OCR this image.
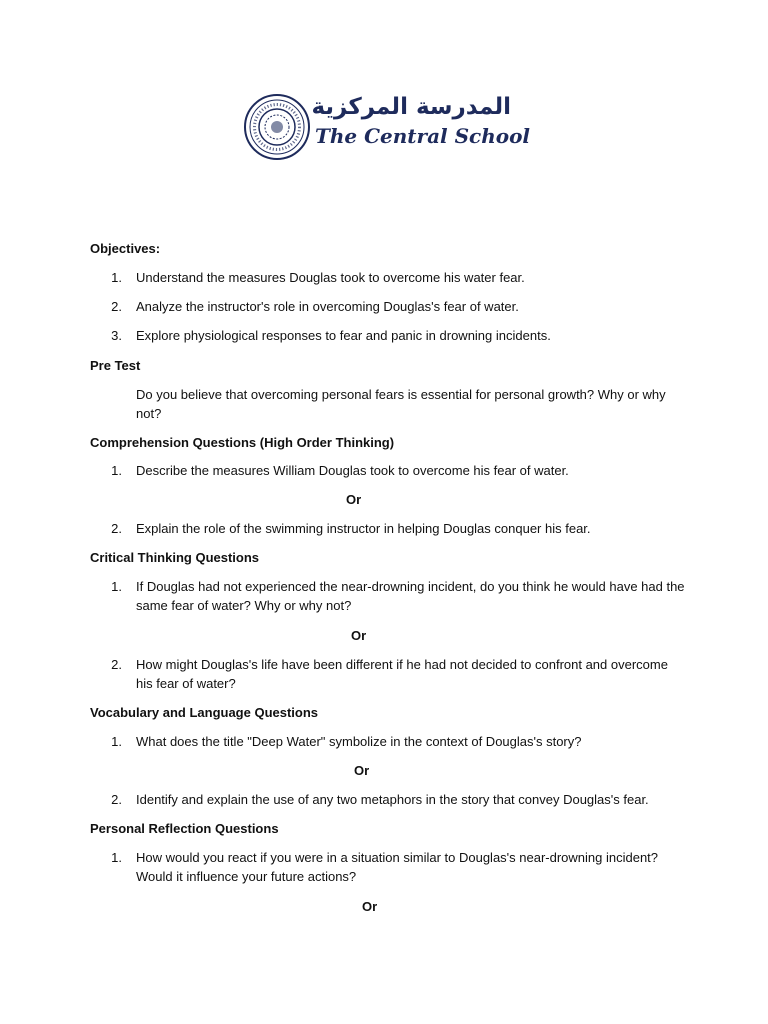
المدرسة المركزية
The Central School
Objectives:
1. Understand the measures Douglas took to overcome his water fear.
2. Analyze the instructor's role in overcoming Douglas's fear of water.
3. Explore physiological responses to fear and panic in drowning incidents.
Pre Test
Do you believe that overcoming personal fears is essential for personal growth? Why or why
not?
Comprehension Questions (High Order Thinking)
1. Describe the measures William Douglas took to overcome his fear of water.
Or
2. Explain the role of the swimming instructor in helping Douglas conquer his fear.
Critical Thinking Questions
1. If Douglas had not experienced the near-drowning incident, do you think he would have had the
same fear of water? Why or why not?
Or
2. How might Douglas's life have been different if he had not decided to confront and overcome
his fear of water?
Vocabulary and Language Questions
1. What does the title "Deep Water" symbolize in the context of Douglas's story?
Or
2. Identify and explain the use of any two metaphors in the story that convey Douglas's fear.
Personal Reflection Questions
1. How would you react if you were in a situation similar to Douglas's near-drowning incident?
Would it influence your future actions?
Or
